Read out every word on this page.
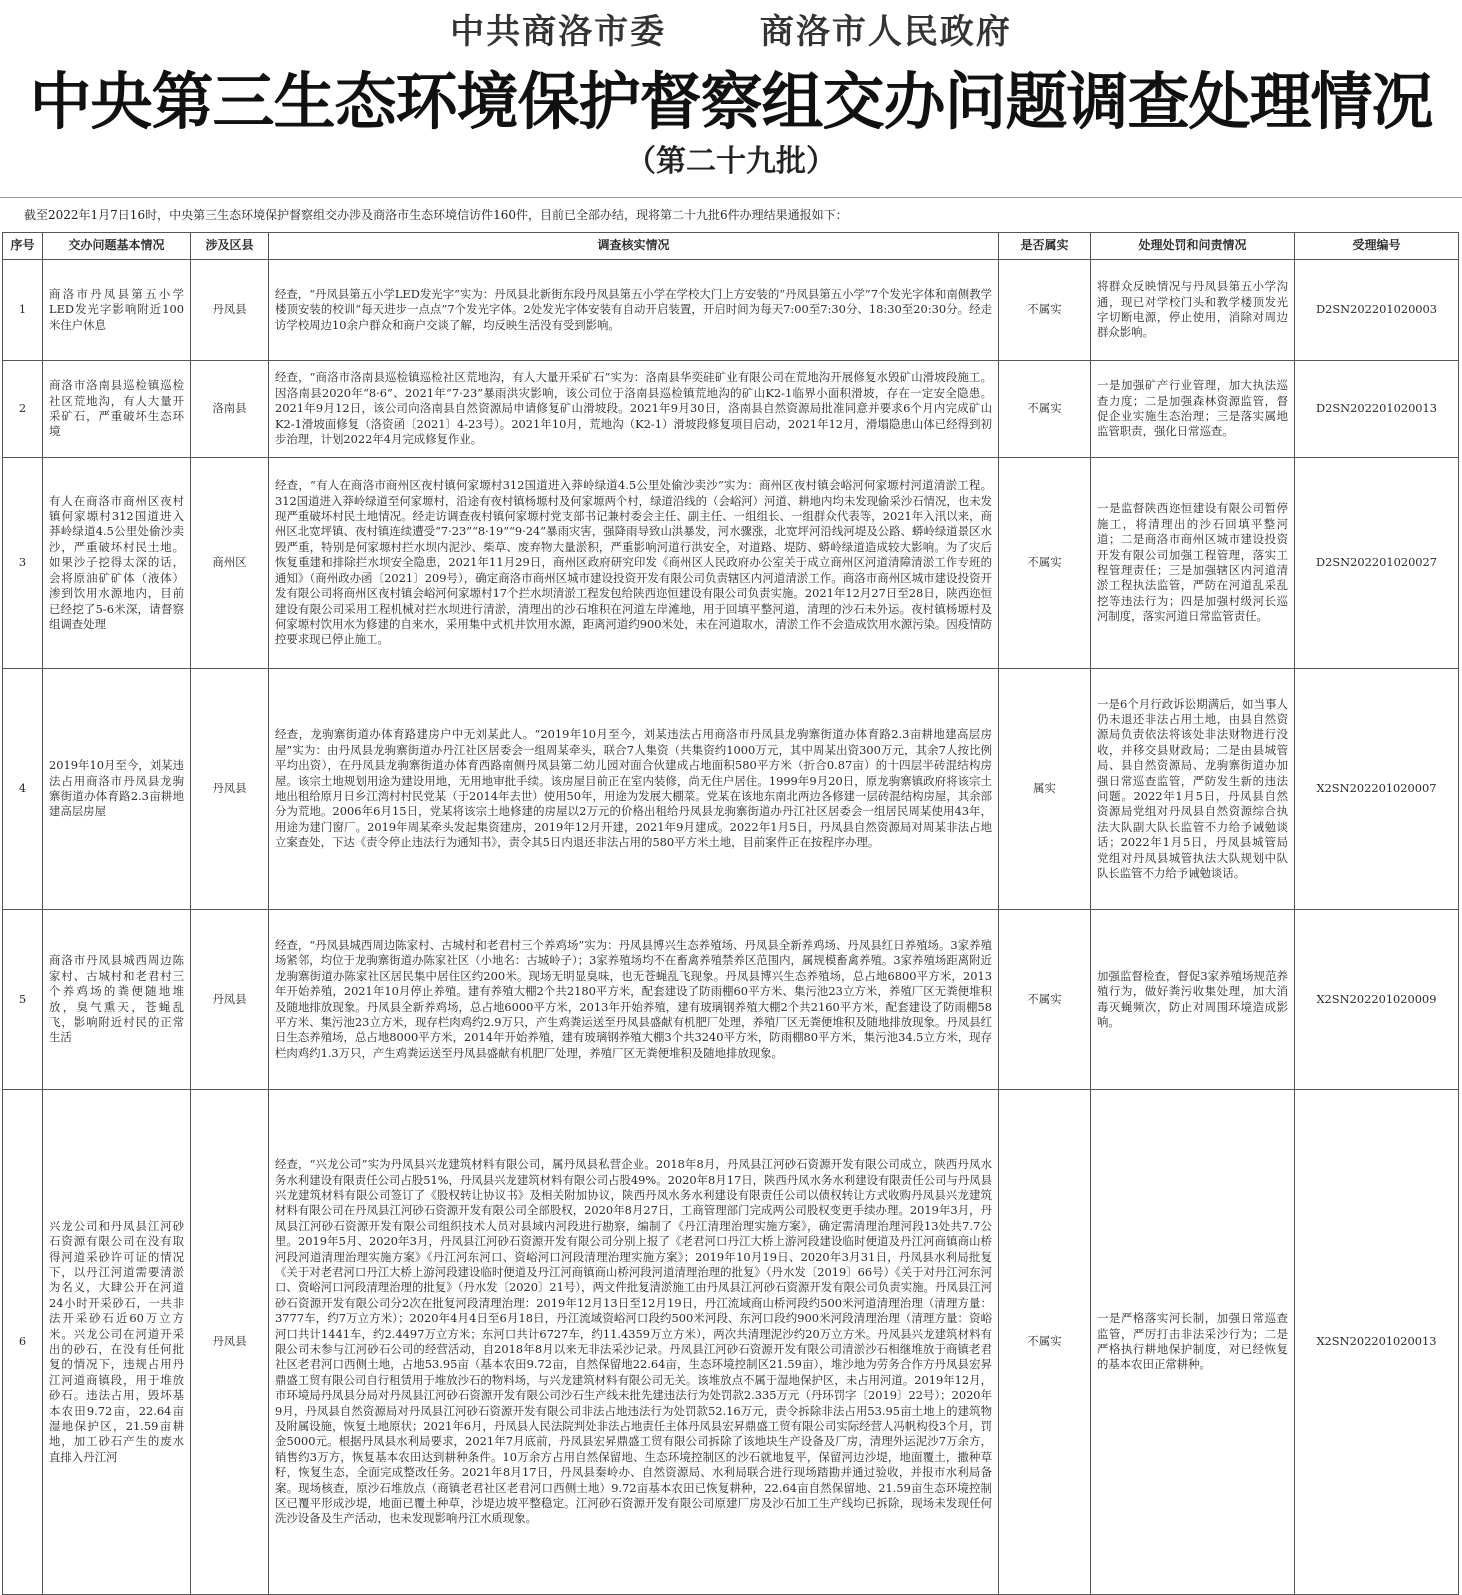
中共商洛市委	商洛市人民政府
中央第三生态环境保护督察组交办问题调查处理情况
（第二十九批）
截至2022年1月7日16时，中央第三生态环境保护督察组交办涉及商洛市生态环境信访件160件，目前已全部办结，现将第二十九批6件办理结果通报如下：
序号	交办问题基本情况	涉及区县	调查核实情况	是否属实	处理处罚和问责情况	受理编号
1	商洛市丹凤县第五小学LED发光字影响附近100米住户休息	丹凤县	经查，“丹凤县第五小学LED发光字”实为：丹凤县北新街东段丹凤县第五小学在学校大门上方安装的“丹凤县第五小学”7个发光字体和南侧教学楼顶安装的校训“每天进步一点点”7个发光字体。2处发光字体安装有自动开启装置，开启时间为每天7:00至7:30分、18:30至20:30分。经走访学校周边10余户群众和商户交谈了解，均反映生活没有受到影响。	不属实	将群众反映情况与丹凤县第五小学沟通，现已对学校门头和教学楼顶发光字切断电源，停止使用，消除对周边群众影响。	D2SN202201020003
2	商洛市洛南县巡检镇巡检社区荒地沟，有人大量开采矿石，严重破坏生态环境	洛南县	经查，“商洛市洛南县巡检镇巡检社区荒地沟，有人大量开采矿石”实为：洛南县华奕硅矿业有限公司在荒地沟开展修复水毁矿山滑坡段施工。因洛南县2020年“8·6”、2021年“7·23”暴雨洪灾影响，该公司位于洛南县巡检镇荒地沟的矿山K2-1临界小面积滑坡，存在一定安全隐患。2021年9月12日，该公司向洛南县自然资源局申请修复矿山滑坡段。2021年9月30日，洛南县自然资源局批准同意并要求6个月内完成矿山K2-1滑坡面修复（洛资函〔2021〕4-23号）。2021年10月，荒地沟（K2-1）滑坡段修复项目启动，2021年12月，滑塌隐患山体已经得到初步治理，计划2022年4月完成修复作业。	不属实	一是加强矿产行业管理，加大执法巡查力度；二是加强森林资源监管，督促企业实施生态治理；三是落实属地监管职责，强化日常巡查。	D2SN202201020013
3	有人在商洛市商州区夜村镇何家塬村312国道进入莽岭绿道4.5公里处偷沙卖沙，严重破坏村民土地。如果沙子挖得太深的话，会将原油矿矿体（液体）渗到饮用水源地内，目前已经挖了5-6米深，请督察组调查处理	商州区	经查，“有人在商洛市商州区夜村镇何家塬村312国道进入莽岭绿道4.5公里处偷沙卖沙”实为：商州区夜村镇会峪河何家塬村河道清淤工程。312国道进入莽岭绿道至何家塬村，沿途有夜村镇杨塬村及何家塬两个村，绿道沿线的（会峪河）河道、耕地内均未发现偷采沙石情况，也未发现严重破坏村民土地情况。经走访调查夜村镇何家塬村党支部书记兼村委会主任、副主任、一组组长、一组群众代表等，2021年入汛以来，商州区北宽坪镇、夜村镇连续遭受“7·23”“8·19”“9·24”暴雨灾害，强降雨导致山洪暴发，河水骤涨，北宽坪河沿线河堤及公路、蟒岭绿道景区水毁严重，特别是何家塬村拦水坝内泥沙、柴草、废弃物大量淤积，严重影响河道行洪安全，对道路、堤防、蟒岭绿道造成较大影响。为了灾后恢复重建和排除拦水坝安全隐患，2021年11月29日，商州区政府研究印发《商州区人民政府办公室关于成立商州区河道清障清淤工作专班的通知》（商州政办函〔2021〕209号），确定商洛市商州区城市建设投资开发有限公司负责辖区内河道清淤工作。商洛市商州区城市建设投资开发有限公司将商州区夜村镇会峪河何家塬村17个拦水坝清淤工程发包给陕西迩恒建设有限公司负责实施。2021年12月27日至28日，陕西迩恒建设有限公司采用工程机械对拦水坝进行清淤，清理出的沙石堆积在河道左岸滩地，用于回填平整河道，清理的沙石未外运。夜村镇杨塬村及何家塬村饮用水为修建的自来水，采用集中式机井饮用水源，距离河道约900米处，未在河道取水，清淤工作不会造成饮用水源污染。因疫情防控要求现已停止施工。	不属实	一是监督陕西迩恒建设有限公司暂停施工，将清理出的沙石回填平整河道；二是商洛市商州区城市建设投资开发有限公司加强工程管理，落实工程管理责任；三是加强辖区内河道清淤工程执法监管，严防在河道乱采乱挖等违法行为；四是加强村级河长巡河制度，落实河道日常监管责任。	D2SN202201020027
4	2019年10月至今，刘某违法占用商洛市丹凤县龙驹寨街道办体育路2.3亩耕地建高层房屋	丹凤县	经查，龙驹寨街道办体育路建房户中无刘某此人。“2019年10月至今，刘某违法占用商洛市丹凤县龙驹寨街道办体育路2.3亩耕地建高层房屋”实为：由丹凤县龙驹寨街道办丹江社区居委会一组周某牵头，联合7人集资（共集资约1000万元，其中周某出资300万元，其余7人按比例平均出资），在丹凤县龙驹寨街道办体育西路南侧丹凤县第二幼儿园对面合伙建成占地面积580平方米（折合0.87亩）的十四层半砖混结构房屋。该宗土地规划用途为建设用地，无用地审批手续。该房屋目前正在室内装修，尚无住户居住。1999年9月20日，原龙驹寨镇政府将该宗土地出租给原月日乡江湾村村民党某（于2014年去世）使用50年，用途为发展大棚菜。党某在该地东南北两边各修建一层砖混结构房屋，其余部分为荒地。2006年6月15日，党某将该宗土地修建的房屋以2万元的价格出租给丹凤县龙驹寨街道办丹江社区居委会一组居民周某使用43年，用途为建门窗厂。2019年周某牵头发起集资建房，2019年12月开建，2021年9月建成。2022年1月5日，丹凤县自然资源局对周某非法占地立案查处，下达《责令停止违法行为通知书》，责令其5日内退还非法占用的580平方米土地，目前案件正在按程序办理。	属实	一是6个月行政诉讼期满后，如当事人仍未退还非法占用土地，由县自然资源局负责依法将该处非法财物进行没收，并移交县财政局；二是由县城管局、县自然资源局、龙驹寨街道办加强日常巡查监管，严防发生新的违法问题。2022年1月5日，丹凤县自然资源局党组对丹凤县自然资源综合执法大队副大队长监管不力给予诫勉谈话；2022年1月5日，丹凤县城管局党组对丹凤县城管执法大队规划中队队长监管不力给予诫勉谈话。	X2SN202201020007
5	商洛市丹凤县城西周边陈家村、古城村和老君村三个养鸡场的粪便随地堆放，臭气熏天，苍蝇乱飞，影响附近村民的正常生活	丹凤县	经查，“丹凤县城西周边陈家村、古城村和老君村三个养鸡场”实为：丹凤县博兴生态养殖场、丹凤县全新养鸡场、丹凤县红日养殖场。3家养殖场紧邻，均位于龙驹寨街道办陈家社区（小地名：古城岭子）；3家养殖场均不在畜禽养殖禁养区范围内，属规模畜禽养殖。3家养殖场距离附近龙驹寨街道办陈家社区居民集中居住区约200米。现场无明显臭味，也无苍蝇乱飞现象。丹凤县博兴生态养殖场，总占地6800平方米，2013年开始养殖，2021年10月停止养殖。建有养殖大棚2个共2180平方米，配套建设了防雨棚60平方米、集污池23立方米，养殖厂区无粪便堆积及随地排放现象。丹凤县全新养鸡场，总占地6000平方米，2013年开始养殖，建有玻璃钢养殖大棚2个共2160平方米，配套建设了防雨棚58平方米、集污池23立方米，现存栏肉鸡约2.9万只，产生鸡粪运送至丹凤县盛献有机肥厂处理，养殖厂区无粪便堆积及随地排放现象。丹凤县红日生态养殖场，总占地8000平方米，2014年开始养殖，建有玻璃钢养殖大棚3个共3240平方米，防雨棚80平方米，集污池34.5立方米，现存栏肉鸡约1.3万只，产生鸡粪运送至丹凤县盛献有机肥厂处理，养殖厂区无粪便堆积及随地排放现象。	不属实	加强监督检查，督促3家养殖场规范养殖行为，做好粪污收集处理，加大消毒灭蝇频次，防止对周围环境造成影响。	X2SN202201020009
6	兴龙公司和丹凤县江河砂石资源有限公司在没有取得河道采砂许可证的情况下，以丹江河道需要清淤为名义，大肆公开在河道24小时开采砂石，一共非法开采砂石近60万立方米。兴龙公司在河道开采出的砂石，在没有任何批复的情况下，违规占用丹江河道商镇段，用于堆放砂石。违法占用，毁坏基本农田9.72亩，22.64亩湿地保护区，21.59亩耕地，加工砂石产生的废水直排入丹江河	丹凤县	经查，“兴龙公司”实为丹凤县兴龙建筑材料有限公司，属丹凤县私营企业。2018年8月，丹凤县江河砂石资源开发有限公司成立，陕西丹凤水务水利建设有限责任公司占股51%，丹凤县兴龙建筑材料有限公司占股49%。2020年8月17日，陕西丹凤水务水利建设有限责任公司与丹凤县兴龙建筑材料有限公司签订了《股权转让协议书》及相关附加协议，陕西丹凤水务水利建设有限责任公司以债权转让方式收购丹凤县兴龙建筑材料有限公司在丹凤县江河砂石资源开发有限公司全部股权，2020年8月27日，工商管理部门完成两公司股权变更手续办理。2019年3月，丹凤县江河砂石资源开发有限公司组织技术人员对县域内河段进行勘察，编制了《丹江清理治理实施方案》，确定需清理治理河段13处共7.7公里。2019年5月、2020年3月，丹凤县江河砂石资源开发有限公司分别上报了《老君河口丹江大桥上游河段建设临时便道及丹江河商镇商山桥河段河道清理治理实施方案》《丹江河东河口、资峪河口河段清理治理实施方案》；2019年10月19日、2020年3月31日，丹凤县水利局批复《关于对老君河口丹江大桥上游河段建设临时便道及丹江河商镇商山桥河段河道清理治理的批复》（丹水发〔2019〕66号）《关于对丹江河东河口、资峪河口河段清理治理的批复》（丹水发〔2020〕21号），两文件批复清淤施工由丹凤县江河砂石资源开发有限公司负责实施。丹凤县江河砂石资源开发有限公司分2次在批复河段清理治理：2019年12月13日至12月19日，丹江流域商山桥河段约500米河道清理治理（清理方量：3777车，约7万立方米）；2020年4月4日至6月18日，丹江流域资峪河口段约500米河段、东河口段约900米河段清理治理（清理方量：资峪河口共计1441车，约2.4497万立方米；东河口共计6727车，约11.4359万立方米），两次共清理泥沙约20万立方米。丹凤县兴龙建筑材料有限公司未参与江河砂石公司的经营活动，自2018年8月以来无非法采沙记录。丹凤县江河砂石资源开发有限公司清淤沙石相继堆放于商镇老君社区老君河口西侧土地，占地53.95亩（基本农田9.72亩，自然保留地22.64亩，生态环境控制区21.59亩），堆沙地为劳务合作方丹凤县宏昇鼎盛工贸有限公司自行租赁用于堆放沙石的物料场，与兴龙建筑材料有限公司无关。该堆放点不属于湿地保护区，未占用河道。2019年12月，市环境局丹凤县分局对丹凤县江河砂石资源开发有限公司沙石生产线未批先建违法行为处罚款2.335万元（丹环罚字〔2019〕22号）；2020年9月，丹凤县自然资源局对丹凤县江河砂石资源开发有限公司非法占地违法行为处罚款52.16万元，责令拆除非法占用53.95亩土地上的建筑物及附属设施，恢复土地原状；2021年6月，丹凤县人民法院判处非法占地责任主体丹凤县宏昇鼎盛工贸有限公司实际经营人冯帆构役3个月，罚金5000元。根据丹凤县水利局要求，2021年7月底前，丹凤县宏昇鼎盛工贸有限公司拆除了该地块生产设备及厂房，清理外运泥沙7万余方，销售约3万方，恢复基本农田达到耕种条件。10万余方占用自然保留地、生态环境控制区的沙石就地复平，保留河边沙堤，地面覆土，撒种草籽，恢复生态，全面完成整改任务。2021年8月17日，丹凤县秦岭办、自然资源局、水利局联合进行现场踏勘并通过验收，并报市水利局备案。现场核查，原沙石堆放点（商镇老君社区老君河口西侧土地）9.72亩基本农田已恢复耕种，22.64亩自然保留地、21.59亩生态环境控制区已覆平形成沙堤，地面已覆土种草，沙堤边坡平整稳定。江河砂石资源开发有限公司原建厂房及沙石加工生产线均已拆除，现场未发现任何洗沙设备及生产活动，也未发现影响丹江水质现象。	不属实	一是严格落实河长制，加强日常巡查监管，严厉打击非法采沙行为；二是严格执行耕地保护制度，对已经恢复的基本农田正常耕种。	X2SN202201020013
